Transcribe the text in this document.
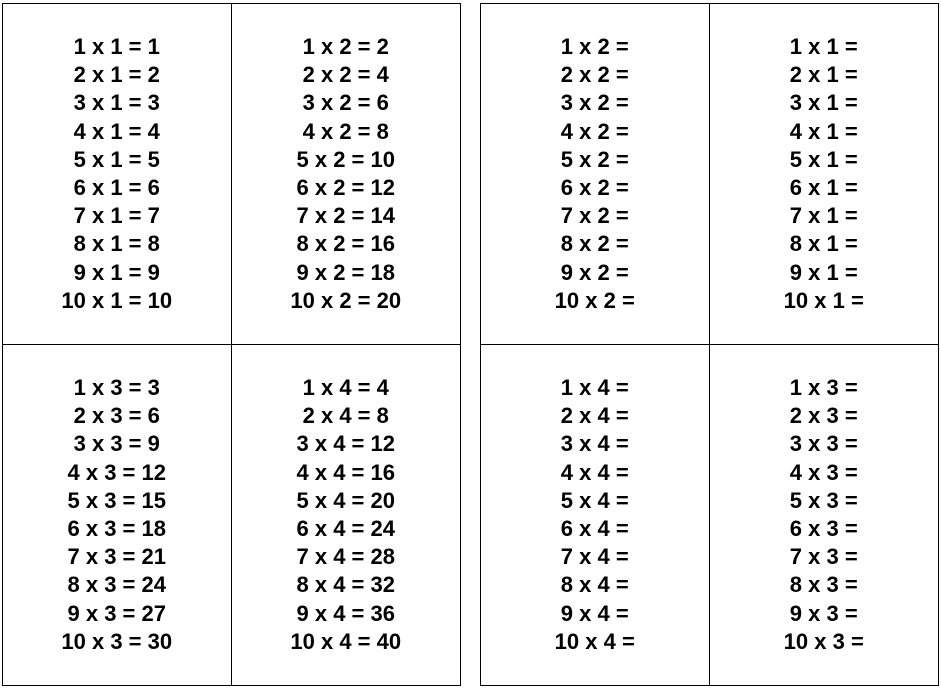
1 x 1 = 1
2 x 1 = 2
3 x 1 = 3
4 x 1 = 4
5 x 1 = 5
6 x 1 = 6
7 x 1 = 7
8 x 1 = 8
9 x 1 = 9
10 x 1 = 10
1 x 2 = 2
2 x 2 = 4
3 x 2 = 6
4 x 2 = 8
5 x 2 = 10
6 x 2 = 12
7 x 2 = 14
8 x 2 = 16
9 x 2 = 18
10 x 2 = 20
1 x 3 = 3
2 x 3 = 6
3 x 3 = 9
4 x 3 = 12
5 x 3 = 15
6 x 3 = 18
7 x 3 = 21
8 x 3 = 24
9 x 3 = 27
10 x 3 = 30
1 x 4 = 4
2 x 4 = 8
3 x 4 = 12
4 x 4 = 16
5 x 4 = 20
6 x 4 = 24
7 x 4 = 28
8 x 4 = 32
9 x 4 = 36
10 x 4 = 40
1 x 2 =
2 x 2 =
3 x 2 =
4 x 2 =
5 x 2 =
6 x 2 =
7 x 2 =
8 x 2 =
9 x 2 =
10 x 2 =
1 x 1 =
2 x 1 =
3 x 1 =
4 x 1 =
5 x 1 =
6 x 1 =
7 x 1 =
8 x 1 =
9 x 1 =
10 x 1 =
1 x 4 =
2 x 4 =
3 x 4 =
4 x 4 =
5 x 4 =
6 x 4 =
7 x 4 =
8 x 4 =
9 x 4 =
10 x 4 =
1 x 3 =
2 x 3 =
3 x 3 =
4 x 3 =
5 x 3 =
6 x 3 =
7 x 3 =
8 x 3 =
9 x 3 =
10 x 3 =
